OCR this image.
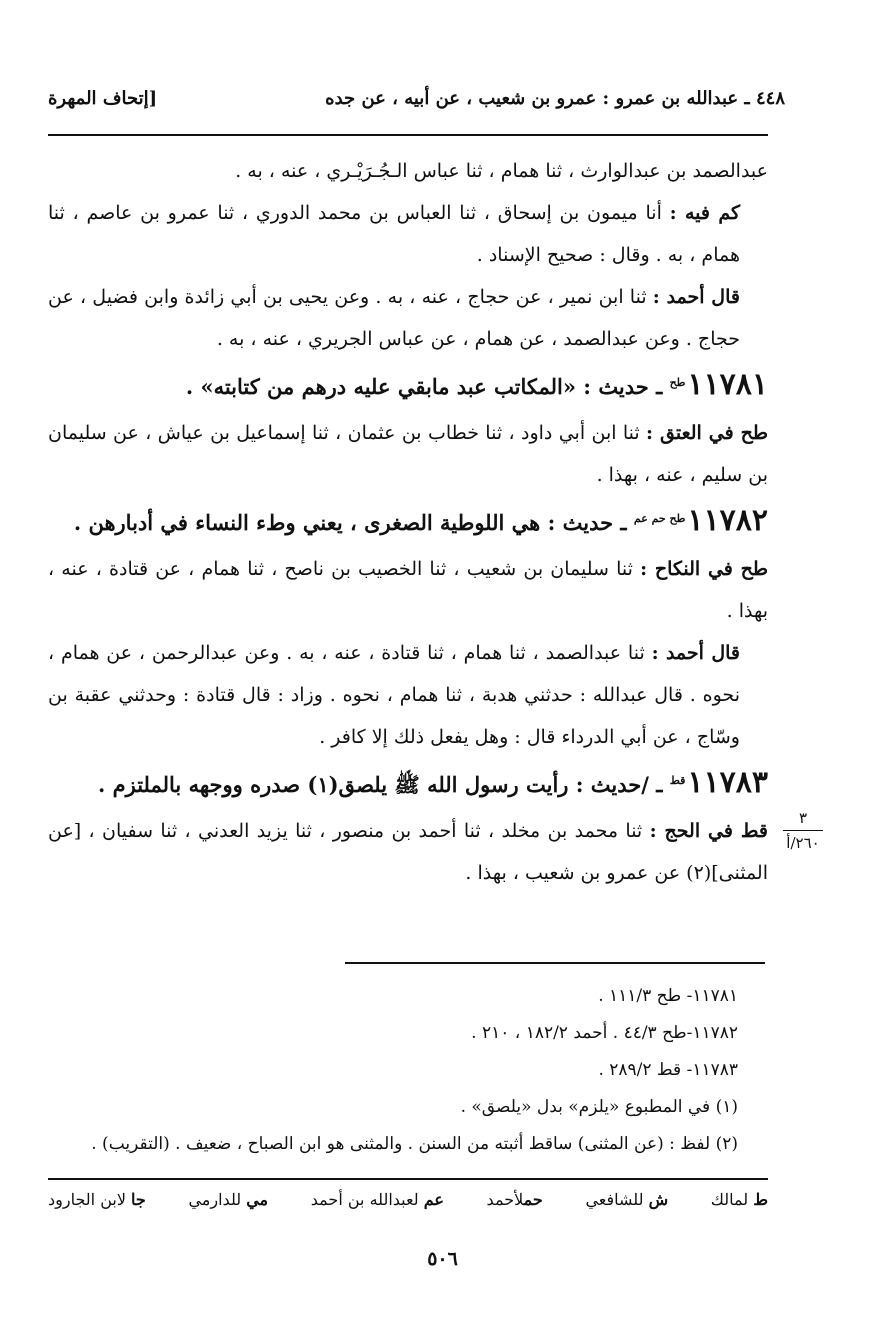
٤٤٨ ـ عبدالله بن عمرو : عمرو بن شعيب ، عن أبيه ، عن جده
[إتحاف المهرة

عبدالصمد بن عبدالوارث ، ثنا همام ، ثنا عباس الـجُـرَيْـري ، عنه ، به .

كم فيه : أنا ميمون بن إسحاق ، ثنا العباس بن محمد الدوري ، ثنا عمرو بن عاصم ، ثنا همام ، به . وقال : صحيح الإسناد .

قال أحمد : ثنا ابن نمير ، عن حجاج ، عنه ، به . وعن يحيى بن أبي زائدة وابن فضيل ، عن حجاج . وعن عبدالصمد ، عن همام ، عن عباس الجريري ، عنه ، به .

$١١٧٨١^{طح}$ ـ حديث : «المكاتب عبد مابقي عليه درهم من كتابته» .

طح في العتق : ثنا ابن أبي داود ، ثنا خطاب بن عثمان ، ثنا إسماعيل بن عياش ، عن سليمان بن سليم ، عنه ، بهذا .

$١١٧٨٢^{طح حم عم}$ ـ حديث : هي اللوطية الصغرى ، يعني وطء النساء في أدبارهن .

طح في النكاح : ثنا سليمان بن شعيب ، ثنا الخصيب بن ناصح ، ثنا همام ، عن قتادة ، عنه ، بهذا .

قال أحمد : ثنا عبدالصمد ، ثنا همام ، ثنا قتادة ، عنه ، به . وعن عبدالرحمن ، عن همام ، نحوه . قال عبدالله : حدثني هدبة ، ثنا همام ، نحوه . وزاد : قال قتادة : وحدثني عقبة بن وسّاج ، عن أبي الدرداء قال : وهل يفعل ذلك إلا كافر .

$١١٧٨٣^{قط}$ ـ /حديث : رأيت رسول الله ﷺ يلصق(١) صدره ووجهه بالملتزم .

قط في الحج : ثنا محمد بن مخلد ، ثنا أحمد بن منصور ، ثنا يزيد العدني ، ثنا سفيان ، [عن المثنى](٢) عن عمرو بن شعيب ، بهذا .

٣
٢٦٠/أ

١١٧٨١- طح ١١١/٣ .

١١٧٨٢-طح ٤٤/٣ . أحمد ١٨٢/٢ ، ٢١٠ .

١١٧٨٣- قط ٢٨٩/٢ .

(١) في المطبوع «يلزم» بدل «يلصق» .

(٢) لفظ : (عن المثنى) ساقط أثبته من السنن . والمثنى هو ابن الصباح ، ضعيف . (التقريب) .

ط لمالك
ش للشافعي
حملأحمد
عم لعبدالله بن أحمد
مي للدارمي
جا لابن الجارود
٥٠٦
